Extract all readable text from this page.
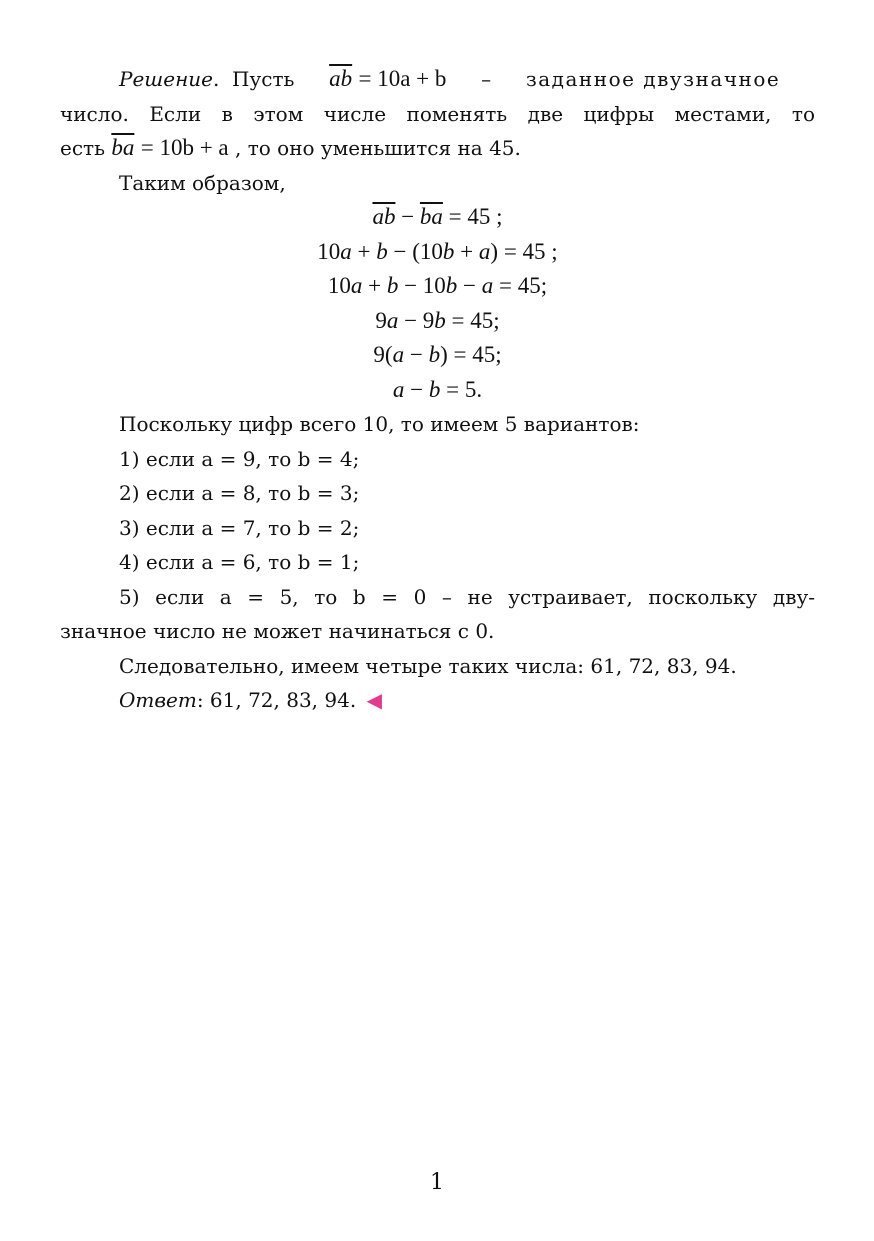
Решение.  Пусть $\overline{ab} = 10a + b$ – заданное двузначное
число. Если в этом числе поменять две цифры местами, то
есть $\overline{ba} = 10b + a$ , то оно уменьшится на 45.
Таким образом,
$\overline{ab} - \overline{ba} = 45$ ;
10a + b − (10b + a) = 45 ;
10a + b − 10b − a = 45;
9a − 9b = 45;
9(a − b) = 45;
a − b = 5.
Поскольку цифр всего 10, то имеем 5 вариантов:
1) если a = 9, то b = 4;
2) если a = 8, то b = 3;
3) если a = 7, то b = 2;
4) если a = 6, то b = 1;
5) если a = 5, то b = 0 – не устраивает, поскольку дву-
значное число не может начинаться с 0.
Следовательно, имеем четыре таких числа: 61, 72, 83, 94.
Ответ: 61, 72, 83, 94. ◀
1
